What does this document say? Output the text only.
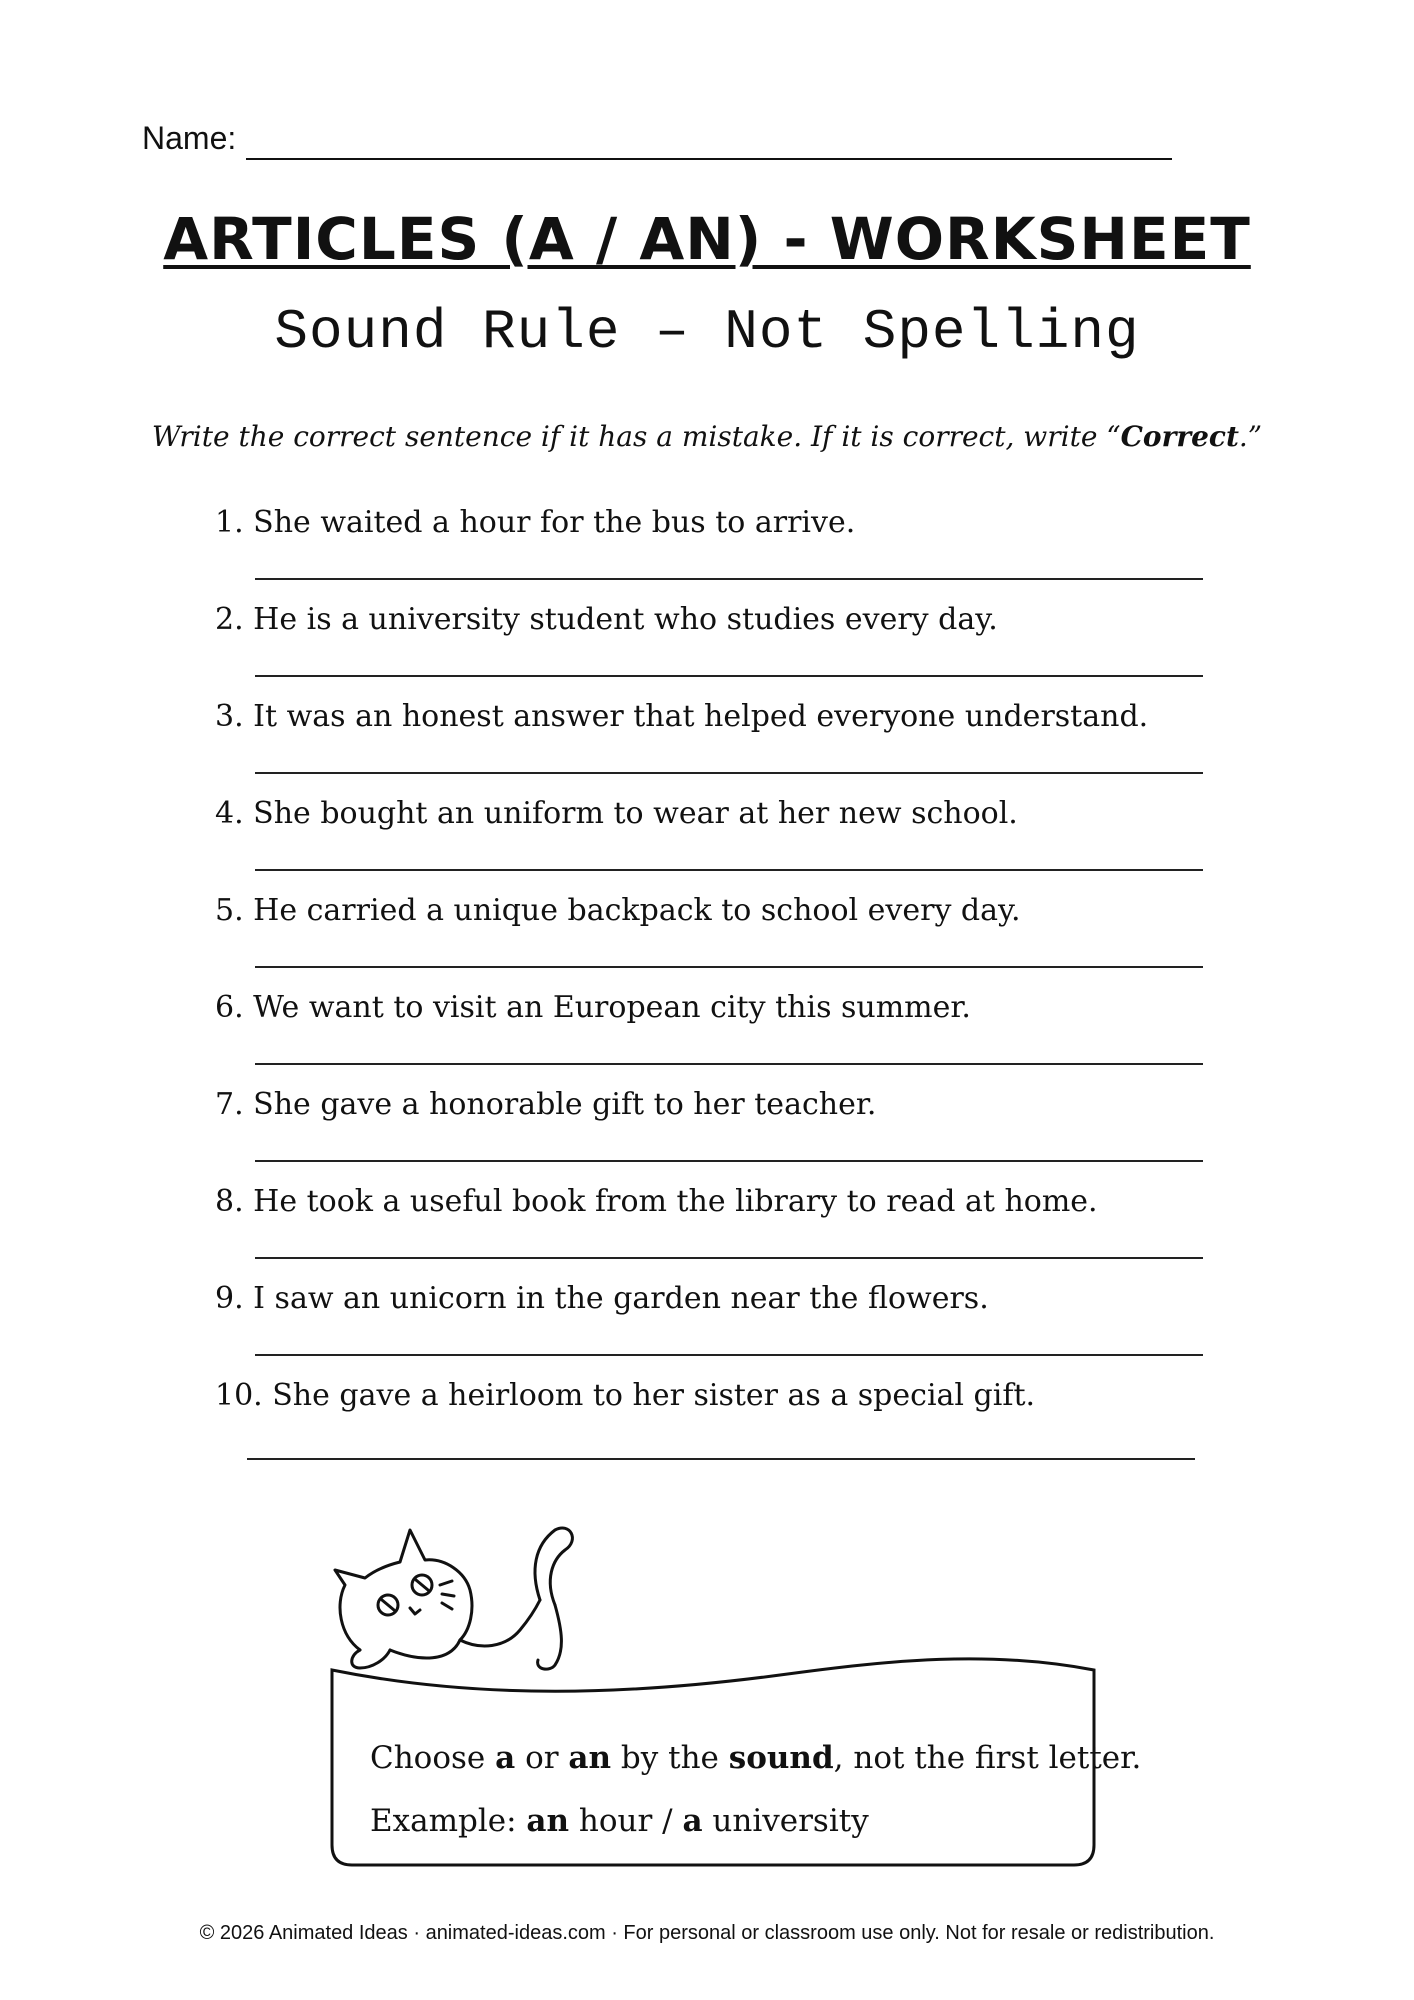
Name:
ARTICLES (A / AN) - WORKSHEET
Sound Rule – Not Spelling
Write the correct sentence if it has a mistake. If it is correct, write “Correct.”
1. She waited a hour for the bus to arrive.
2. He is a university student who studies every day.
3. It was an honest answer that helped everyone understand.
4. She bought an uniform to wear at her new school.
5. He carried a unique backpack to school every day.
6. We want to visit an European city this summer.
7. She gave a honorable gift to her teacher.
8. He took a useful book from the library to read at home.
9. I saw an unicorn in the garden near the flowers.
10. She gave a heirloom to her sister as a special gift.
Choose a or an by the sound, not the first letter.
Example: an hour / a university
© 2026 Animated Ideas · animated-ideas.com · For personal or classroom use only. Not for resale or redistribution.
